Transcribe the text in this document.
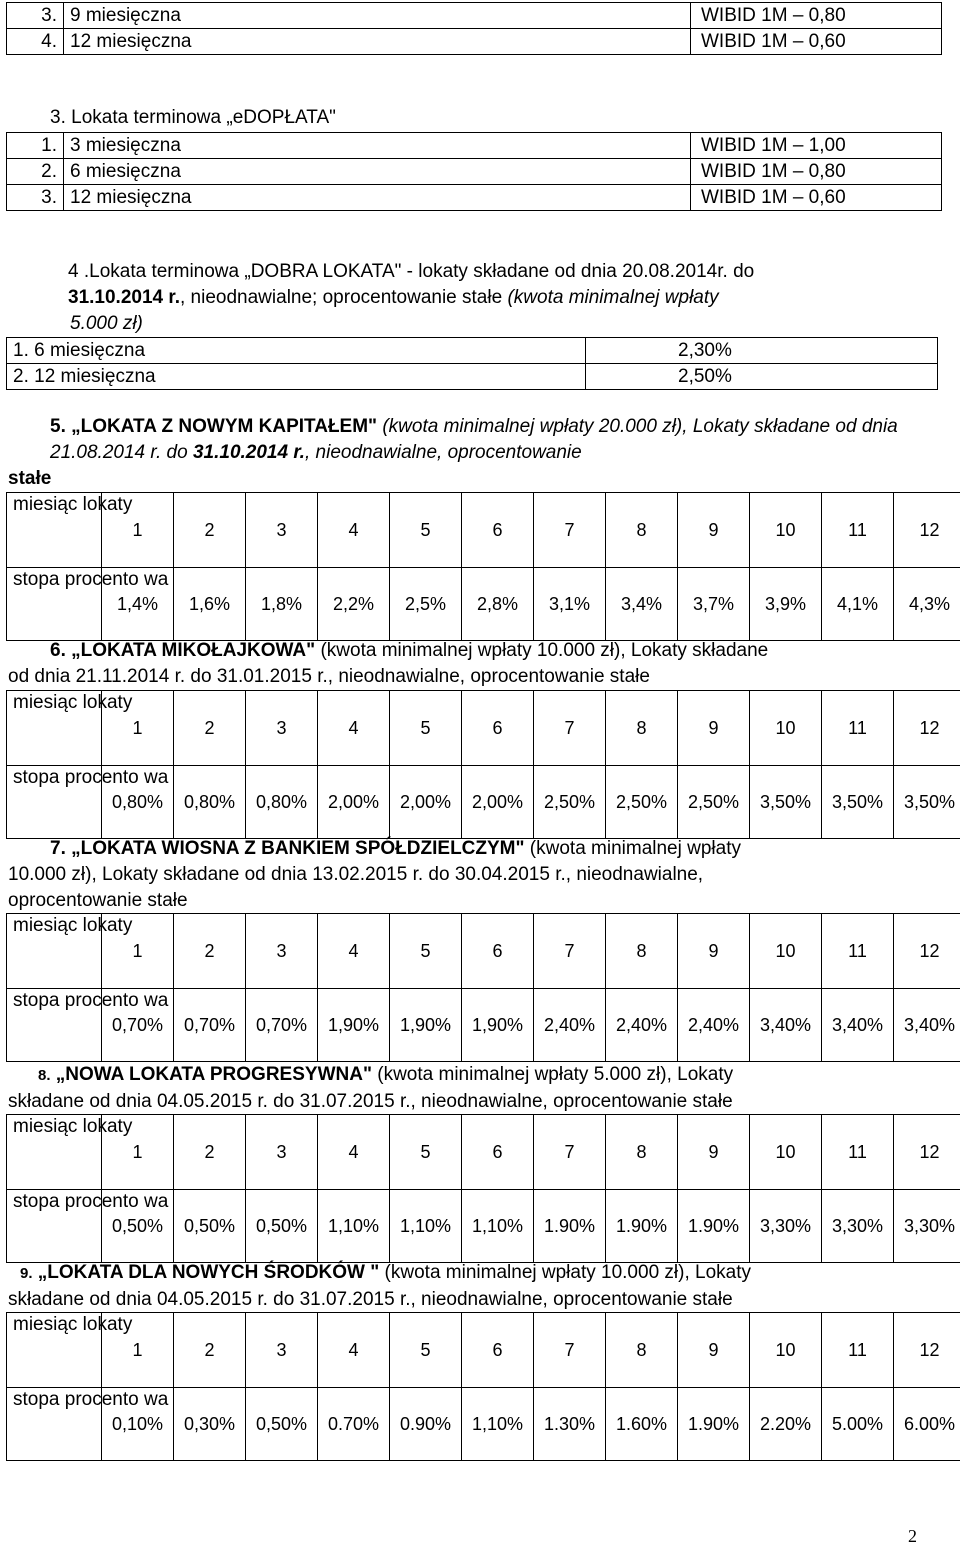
3.	9 miesięczna	WIBID 1M – 0,80
4.	12 miesięczna	WIBID 1M – 0,60
3. Lokata terminowa „eDOPŁATA"
1.	3 miesięczna	WIBID 1M – 1,00
2.	6 miesięczna	WIBID 1M – 0,80
3.	12 miesięczna	WIBID 1M – 0,60
4 .Lokata terminowa „DOBRA LOKATA" - lokaty składane od dnia 20.08.2014r. do
31.10.2014 r., nieodnawialne; oprocentowanie stałe (kwota minimalnej wpłaty
5.000 zł)
1. 6 miesięczna	2,30%
2. 12 miesięczna	2,50%
5. „LOKATA Z NOWYM KAPITAŁEM" (kwota minimalnej wpłaty 20.000 zł), Lokaty składane od dnia 21.08.2014 r. do 31.10.2014 r., nieodnawialne, oprocentowanie
stałe
miesiąc lokaty	1	2	3	4	5	6	7	8	9	10	11	12
stopa procento wa	1,4%	1,6%	1,8%	2,2%	2,5%	2,8%	3,1%	3,4%	3,7%	3,9%	4,1%	4,3%
6. „LOKATA MIKOŁAJKOWA" (kwota minimalnej wpłaty 10.000 zł), Lokaty składane
od dnia 21.11.2014 r. do 31.01.2015 r., nieodnawialne, oprocentowanie stałe
miesiąc lokaty	1	2	3	4	5	6	7	8	9	10	11	12
stopa procento wa	0,80%	0,80%	0,80%	2,00%	2,00%	2,00%	2,50%	2,50%	2,50%	3,50%	3,50%	3,50%
7. „LOKATA WIOSNA Z BANKIEM SPÓŁDZIELCZYM" (kwota minimalnej wpłaty
10.000 zł), Lokaty składane od dnia 13.02.2015 r. do 30.04.2015 r., nieodnawialne,
oprocentowanie stałe
miesiąc lokaty	1	2	3	4	5	6	7	8	9	10	11	12
stopa procento wa	0,70%	0,70%	0,70%	1,90%	1,90%	1,90%	2,40%	2,40%	2,40%	3,40%	3,40%	3,40%
8. „NOWA LOKATA PROGRESYWNA" (kwota minimalnej wpłaty 5.000 zł), Lokaty
składane od dnia 04.05.2015 r. do 31.07.2015 r., nieodnawialne, oprocentowanie stałe
miesiąc lokaty	1	2	3	4	5	6	7	8	9	10	11	12
stopa procento wa	0,50%	0,50%	0,50%	1,10%	1,10%	1,10%	1.90%	1.90%	1.90%	3,30%	3,30%	3,30%
9. „LOKATA DLA NOWYCH ŚRODKÓW " (kwota minimalnej wpłaty 10.000 zł), Lokaty
składane od dnia 04.05.2015 r. do 31.07.2015 r., nieodnawialne, oprocentowanie stałe
miesiąc lokaty	1	2	3	4	5	6	7	8	9	10	11	12
stopa procento wa	0,10%	0,30%	0,50%	0.70%	0.90%	1,10%	1.30%	1.60%	1.90%	2.20%	5.00%	6.00%
2
